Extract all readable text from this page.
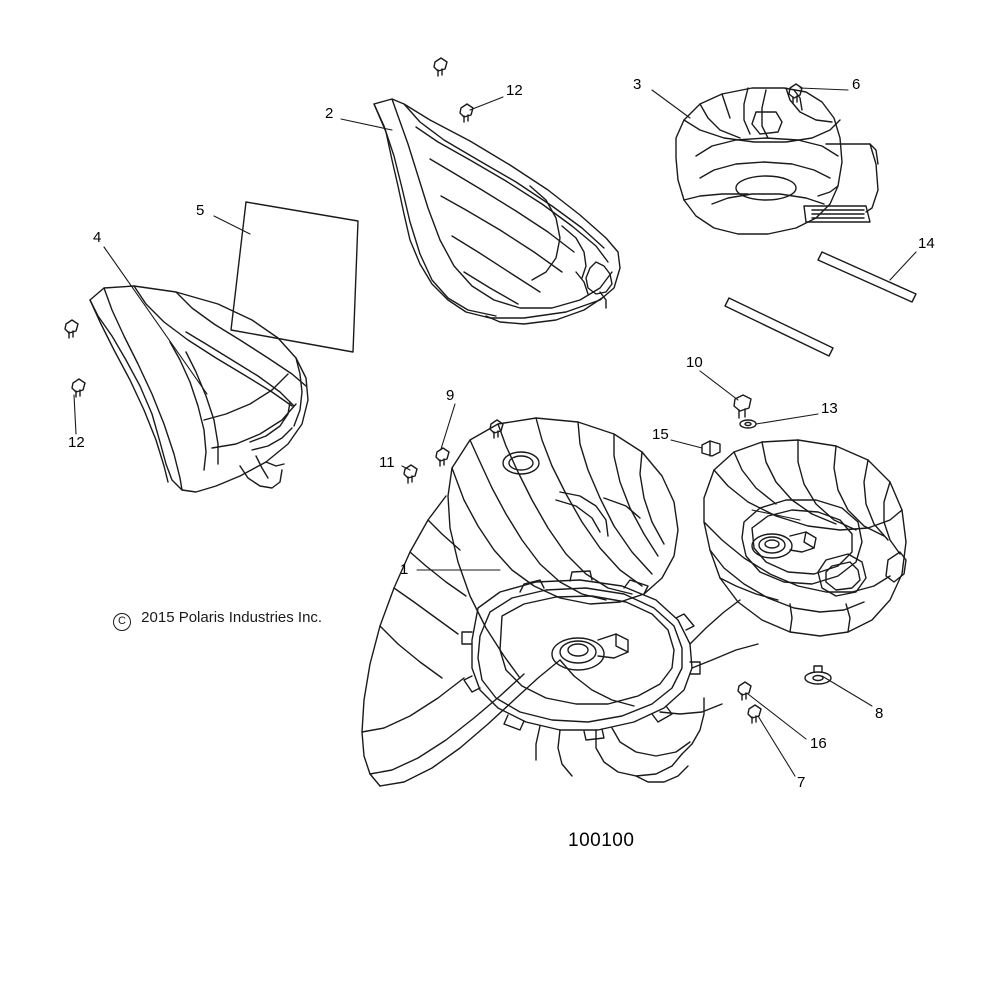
2
12	3	6
5
4	14
12
10
13
9
15
11
1
8
16
7
C 2015 Polaris Industries Inc.
100100
